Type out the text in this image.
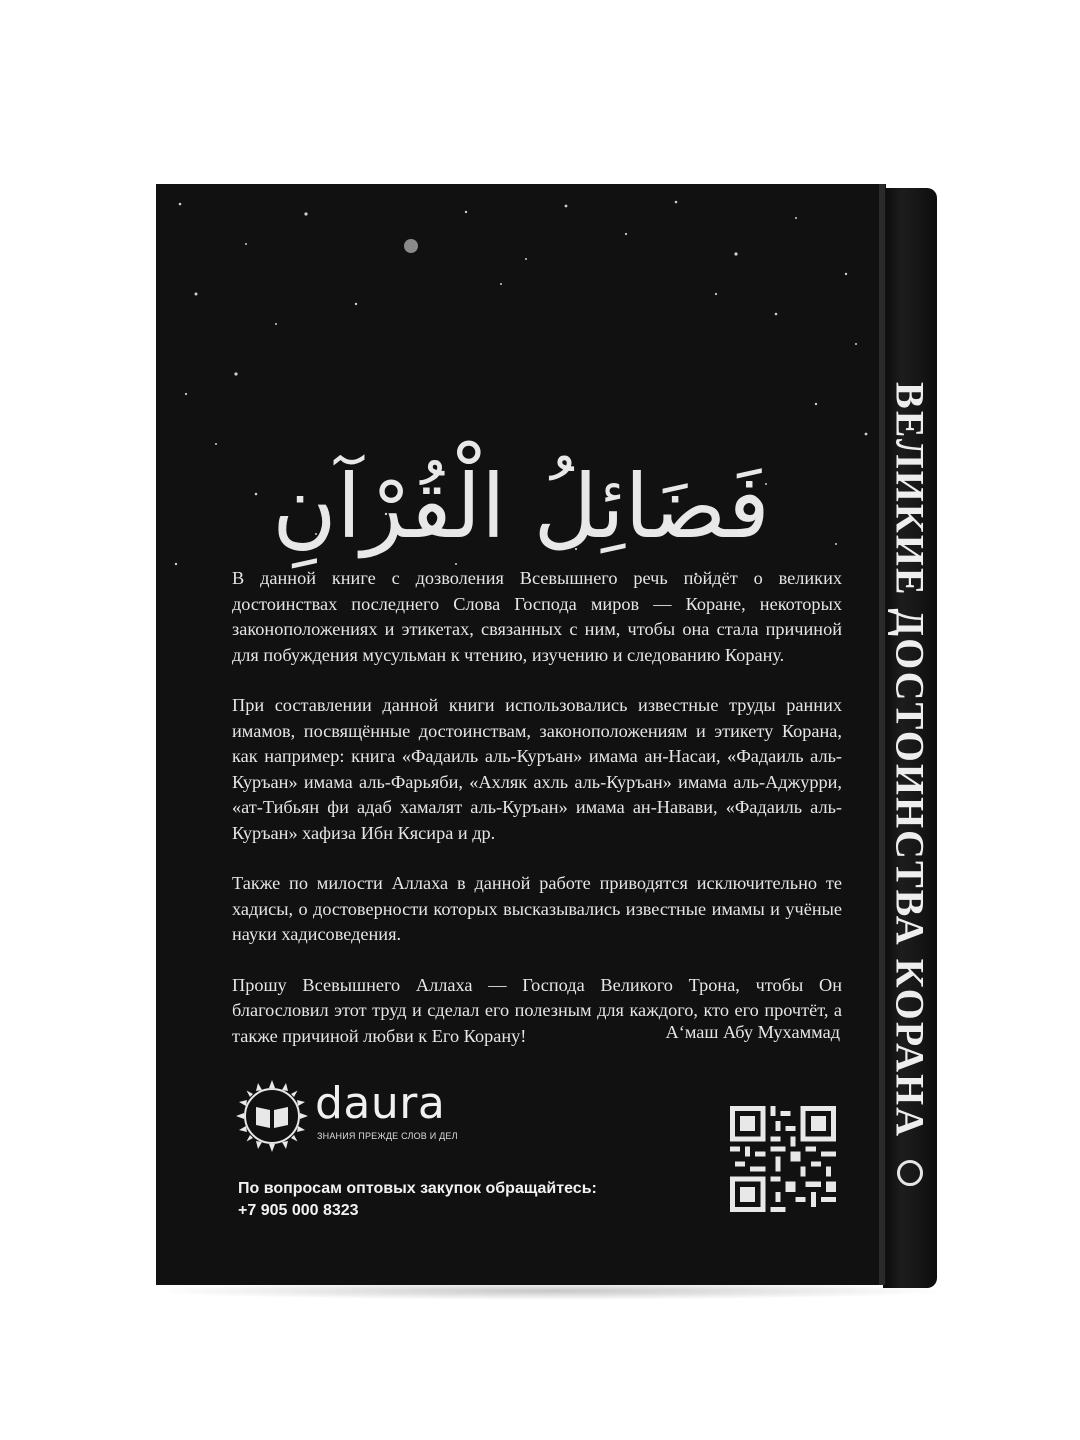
ВЕЛИКИЕ ДОСТОИНСТВА КОРАНА
فَضَائِلُ الْقُرْآنِ

В данной книге с дозволения Всевышнего речь пойдёт о великих достоинствах последнего Слова Господа миров — Коране, некоторых законоположениях и этикетах, связанных с ним, чтобы она стала причиной для побуждения мусульман к чтению, изучению и следованию Корану.

При составлении данной книги использовались известные труды ранних имамов, посвящённые достоинствам, законоположениям и этикету Корана, как например: книга «Фадаиль аль-Куръан» имама ан-Насаи, «Фадаиль аль-Куръан» имама аль-Фарьяби, «Ахляк ахль аль-Куръан» имама аль-Аджурри, «ат-Тибьян фи адаб хамалят аль-Куръан» имама ан-Навави, «Фадаиль аль-Куръан» хафиза Ибн Кясира и др.

Также по милости Аллаха в данной работе приводятся исключительно те хадисы, о достоверности которых высказывались известные имамы и учёные науки хадисоведения.

Прошу Всевышнего Аллаха — Господа Великого Трона, чтобы Он благословил этот труд и сделал его полезным для каждого, кто его прочтёт, а также причиной любви к Его Корану!	Аʻмаш Абу Мухаммад
daura
ЗНАНИЯ ПРЕЖДЕ СЛОВ И ДЕЛ
По вопросам оптовых закупок обращайтесь:
+7 905 000 8323
